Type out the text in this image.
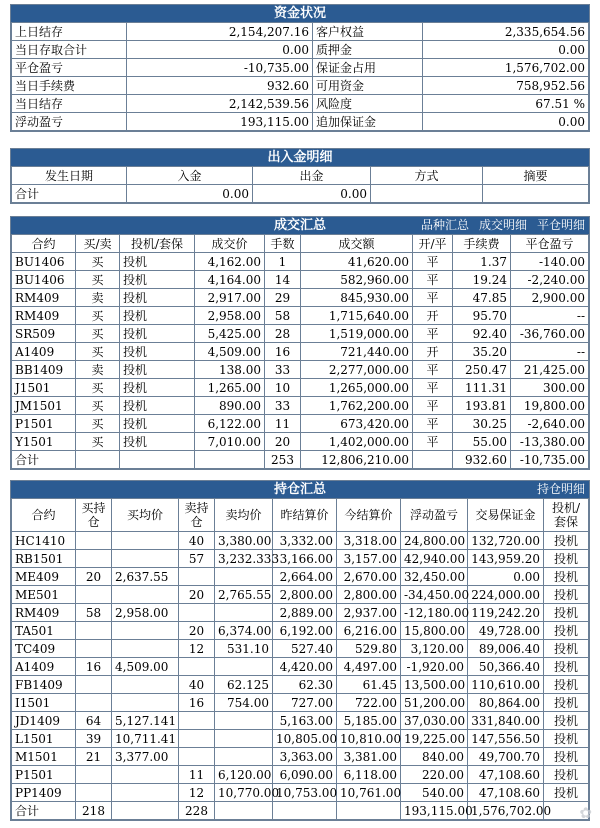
资金状况
上日结存	2,154,207.16	客户权益	2,335,654.56
当日存取合计	0.00	质押金	0.00
平仓盈亏	-10,735.00	保证金占用	1,576,702.00
当日手续费	932.60	可用资金	758,952.56
当日结存	2,142,539.56	风险度	67.51 %
浮动盈亏	193,115.00	追加保证金	0.00
出入金明细
发生日期	入金	出金	方式	摘要
合计	0.00	0.00		
成交汇总	品种汇总 成交明细 平仓明细
合约	买/卖	投机/套保	成交价	手数	成交额	开/平	手续费	平仓盈亏
BU1406	买	投机	4,162.00	1	41,620.00	平	1.37	-140.00
BU1406	买	投机	4,164.00	14	582,960.00	平	19.24	-2,240.00
RM409	卖	投机	2,917.00	29	845,930.00	平	47.85	2,900.00
RM409	买	投机	2,958.00	58	1,715,640.00	开	95.70	--
SR509	买	投机	5,425.00	28	1,519,000.00	平	92.40	-36,760.00
A1409	买	投机	4,509.00	16	721,440.00	开	35.20	--
BB1409	卖	投机	138.00	33	2,277,000.00	平	250.47	21,425.00
J1501	买	投机	1,265.00	10	1,265,000.00	平	111.31	300.00
JM1501	买	投机	890.00	33	1,762,200.00	平	193.81	19,800.00
P1501	买	投机	6,122.00	11	673,420.00	平	30.25	-2,640.00
Y1501	买	投机	7,010.00	20	1,402,000.00	平	55.00	-13,380.00
合计				253	12,806,210.00		932.60	-10,735.00
持仓汇总	持仓明细
合约	买持仓	买均价	卖持仓	卖均价	昨结算价	今结算价	浮动盈亏	交易保证金	投机/套保
HC1410			40	3,380.00	3,332.00	3,318.00	24,800.00	132,720.00	投机
RB1501			57	3,232.333	3,166.00	3,157.00	42,940.00	143,959.20	投机
ME409	20	2,637.55			2,664.00	2,670.00	32,450.00	0.00	投机
ME501			20	2,765.55	2,800.00	2,800.00	-34,450.00	224,000.00	投机
RM409	58	2,958.00			2,889.00	2,937.00	-12,180.00	119,242.20	投机
TA501			20	6,374.00	6,192.00	6,216.00	15,800.00	49,728.00	投机
TC409			12	531.10	527.40	529.80	3,120.00	89,006.40	投机
A1409	16	4,509.00			4,420.00	4,497.00	-1,920.00	50,366.40	投机
FB1409			40	62.125	62.30	61.45	13,500.00	110,610.00	投机
I1501			16	754.00	727.00	722.00	51,200.00	80,864.00	投机
JD1409	64	5,127.141			5,163.00	5,185.00	37,030.00	331,840.00	投机
L1501	39	10,711.41			10,805.00	10,810.00	19,225.00	147,556.50	投机
M1501	21	3,377.00			3,363.00	3,381.00	840.00	49,700.70	投机
P1501			11	6,120.00	6,090.00	6,118.00	220.00	47,108.60	投机
PP1409			12	10,770.00	10,753.00	10,761.00	540.00	47,108.60	投机
合计	218		228				193,115.00	1,576,702.00	✿
